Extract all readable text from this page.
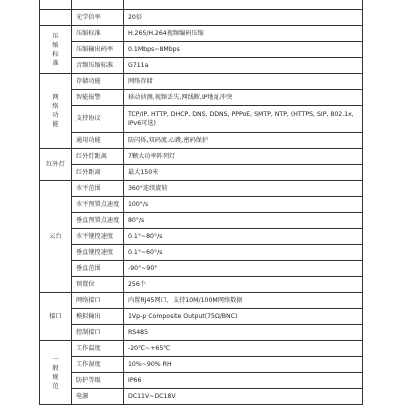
	光学倍率	20倍
压缩标准	压缩标准	H.265/H.264视频编码压缩
	压缩输出码率	0.1Mbps~8Mbps
	音频压缩标准	G711a
网络功能	存储功能	网络存储
	智能报警	移动侦测,视频丢失,网线断,IP地址冲突
	支持协议	TCP/IP, HTTP, DHCP, DNS, DDNS, PPPoE, SMTP, NTP, (HTTPS, SIP, 802.1x, IPv6可选)
	通用功能	防闪烁,双码流,心跳,密码保护
红外灯	红外灯距离	7颗大功率阵列灯
	红外距离	最大150米
云台	水平范围	360°连续旋转
	水平预置点速度	100°/s
	垂直预置点速度	80°/s
	水平键控速度	0.1°~80°/s
	垂直键控速度	0.1°~60°/s
	垂直范围	-90°~90°
	预置位	256个
接口	网络接口	内置RJ45网口，支持10M/100M网络数据
	模拟输出	1Vp-p Composite Output(75Ω/BNC)
	控制接口	RS485
一般规范	工作温度	-20℃~+65℃
	工作湿度	10%~90% RH
	防护等级	IP66
	电源	DC11V~DC18V
